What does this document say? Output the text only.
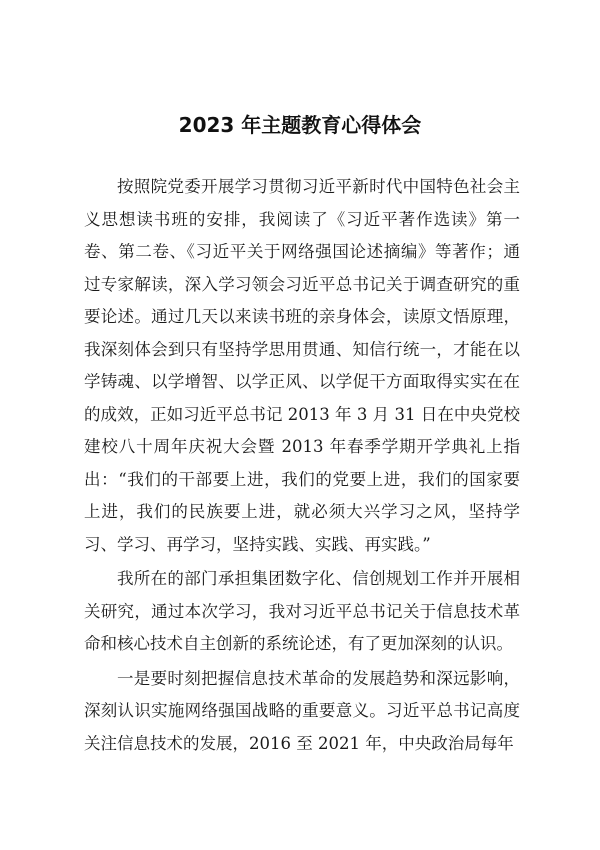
2023 年主题教育心得体会

按照院党委开展学习贯彻习近平新时代中国特色社会主义思想读书班的安排，我阅读了《习近平著作选读》第一卷、第二卷、《习近平关于网络强国论述摘编》等著作；通过专家解读，深入学习领会习近平总书记关于调查研究的重要论述。通过几天以来读书班的亲身体会，读原文悟原理，我深刻体会到只有坚持学思用贯通、知信行统一，才能在以学铸魂、以学增智、以学正风、以学促干方面取得实实在在的成效，正如习近平总书记 2013 年 3 月 31 日在中央党校建校八十周年庆祝大会暨 2013 年春季学期开学典礼上指出：“我们的干部要上进，我们的党要上进，我们的国家要上进，我们的民族要上进，就必须大兴学习之风，坚持学习、学习、再学习，坚持实践、实践、再实践。”

我所在的部门承担集团数字化、信创规划工作并开展相关研究，通过本次学习，我对习近平总书记关于信息技术革命和核心技术自主创新的系统论述，有了更加深刻的认识。

一是要时刻把握信息技术革命的发展趋势和深远影响，深刻认识实施网络强国战略的重要意义。习近平总书记高度关注信息技术的发展，2016 至 2021 年，中央政治局每年
